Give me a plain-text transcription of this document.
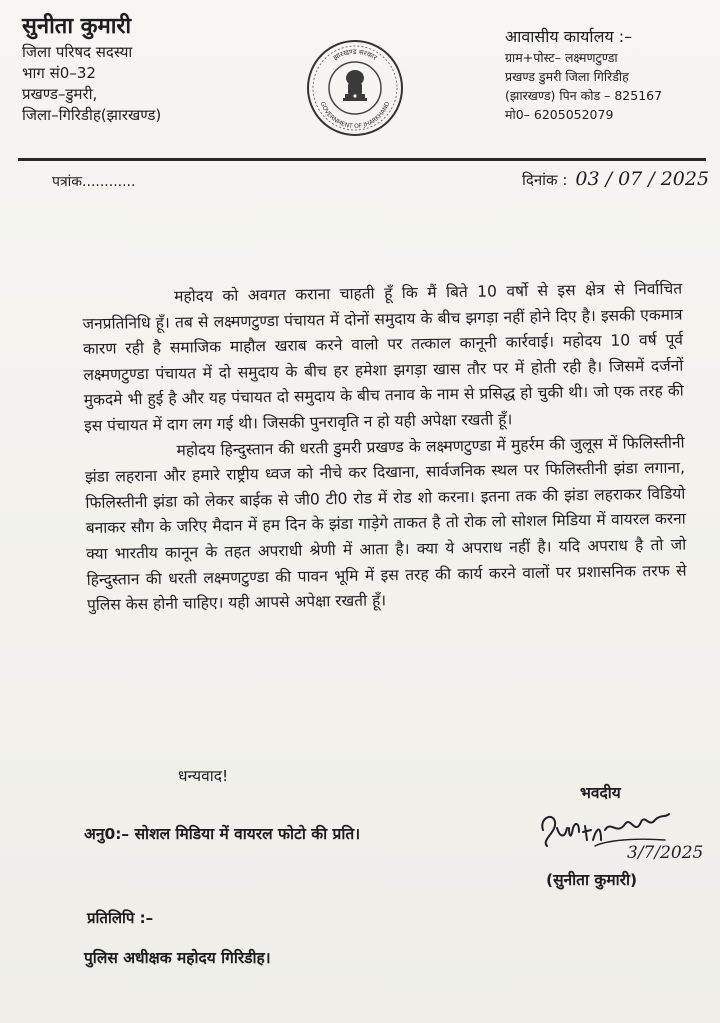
सुनीता कुमारी
जिला परिषद सदस्या
भाग सं0–32
प्रखण्ड–डुमरी,
जिला–गिरिडीह(झारखण्ड)
झारखण्ड सरकार
GOVERNMENT OF JHARKHAND
आवासीय कार्यालय :–
ग्राम+पोस्ट– लक्ष्मणटुण्डा
प्रखण्ड डुमरी जिला गिरिडीह
(झारखण्ड) पिन कोड – 825167
मो0– 6205052079
पत्रांक............	दिनांक : 03 / 07 / 2025

महोदय को अवगत कराना चाहती हूँ कि मैं बिते 10 वर्षो से इस क्षेत्र से निर्वाचित जनप्रतिनिधि हूँ। तब से लक्ष्मणटुण्डा पंचायत में दोनों समुदाय के बीच झगड़ा नहीं होने दिए है। इसकी एकमात्र कारण रही है समाजिक माहौल खराब करने वालो पर तत्काल कानूनी कार्रवाई। महोदय 10 वर्ष पूर्व लक्ष्मणटुण्डा पंचायत में दो समुदाय के बीच हर हमेशा झगड़ा खास तौर पर में होती रही है। जिसमें दर्जनों मुकदमे भी हुई है और यह पंचायत दो समुदाय के बीच तनाव के नाम से प्रसिद्ध हो चुकी थी। जो एक तरह की इस पंचायत में दाग लग गई थी। जिसकी पुनरावृति न हो यही अपेक्षा रखती हूँ।

महोदय हिन्दुस्तान की धरती डुमरी प्रखण्ड के लक्ष्मणटुण्डा में मुहर्रम की जुलूस में फिलिस्तीनी झंडा लहराना और हमारे राष्ट्रीय ध्वज को नीचे कर दिखाना, सार्वजनिक स्थल पर फिलिस्तीनी झंडा लगाना, फिलिस्तीनी झंडा को लेकर बाईक से जी0 टी0 रोड में रोड शो करना। इतना तक की झंडा लहराकर विडियो बनाकर सौग के जरिए मैदान में हम दिन के झंडा गाड़ेगे ताकत है तो रोक लो सोशल मिडिया में वायरल करना क्या भारतीय कानून के तहत अपराधी श्रेणी में आता है। क्या ये अपराध नहीं है। यदि अपराध है तो जो हिन्दुस्तान की धरती लक्ष्मणटुण्डा की पावन भूमि में इस तरह की कार्य करने वालों पर प्रशासनिक तरफ से पुलिस केस होनी चाहिए। यही आपसे अपेक्षा रखती हूँ।

धन्यवाद!
भवदीय
अनु0:– सोशल मिडिया में वायरल फोटो की प्रति।
3/7/2025
(सुनीता कुमारी)
प्रतिलिपि :–
पुलिस अधीक्षक महोदय गिरिडीह।
